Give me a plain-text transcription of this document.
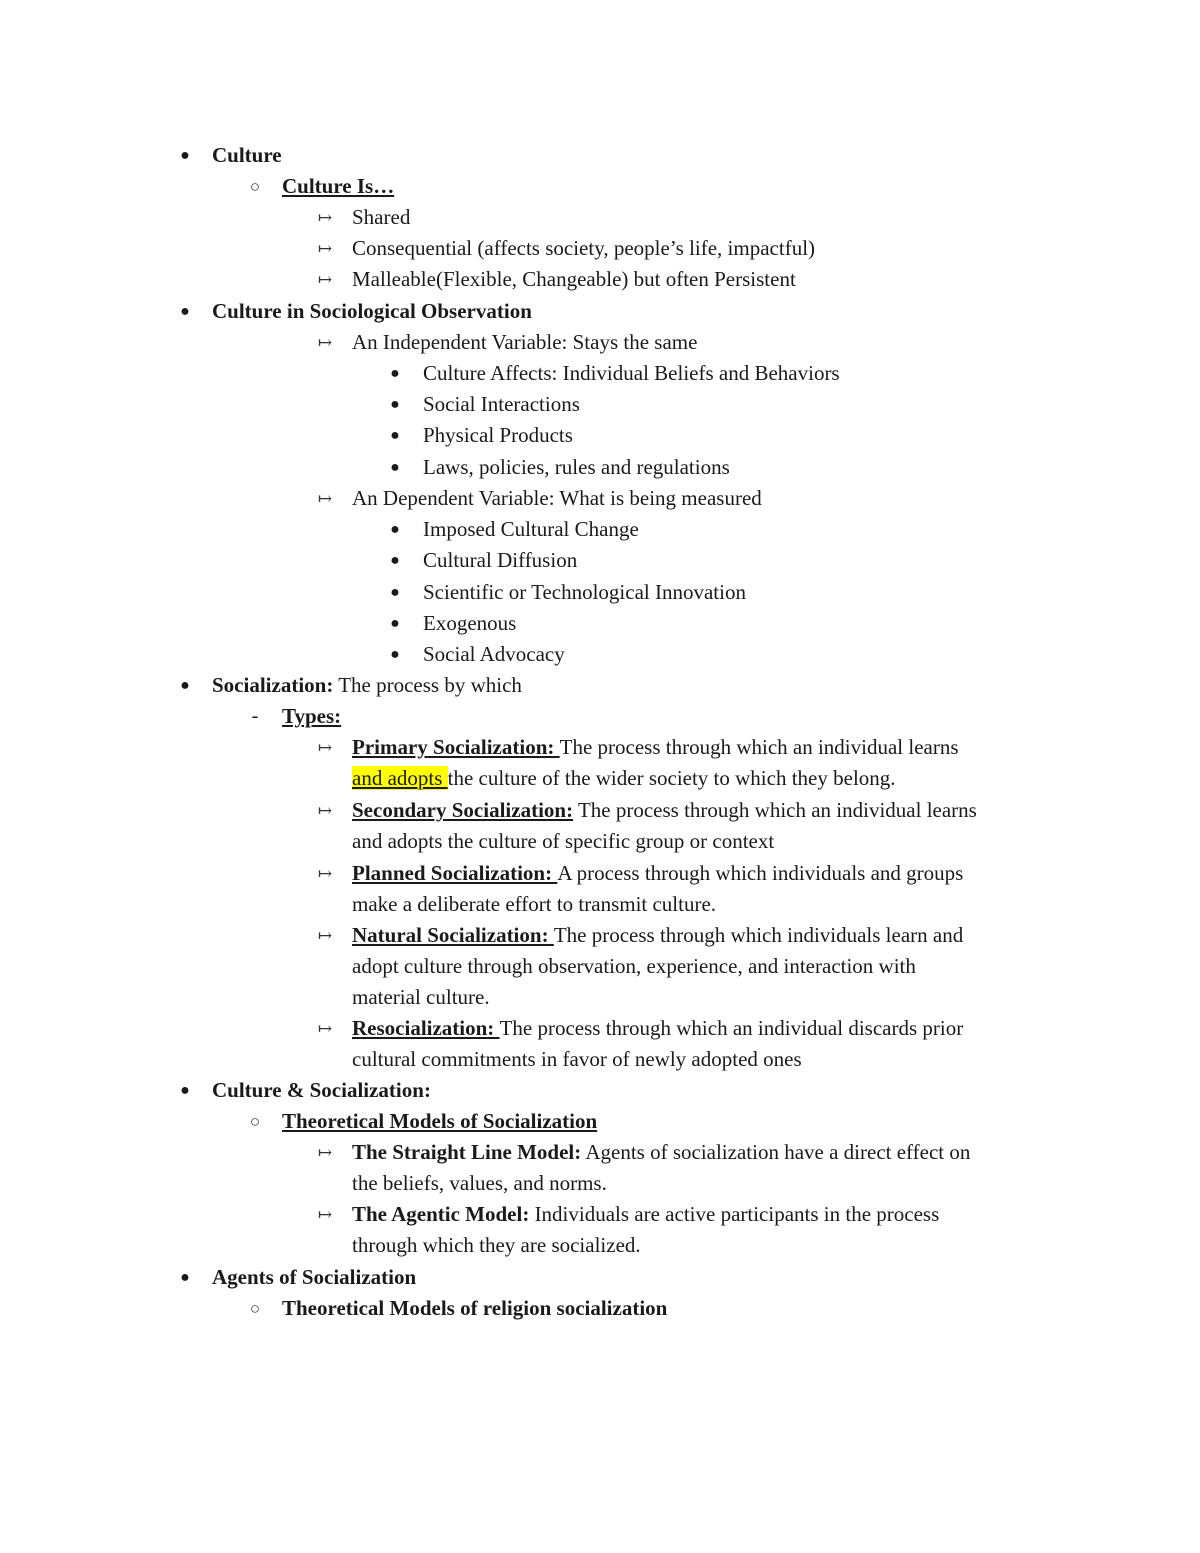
● Culture
○ Culture Is…
↦ Shared
↦ Consequential (affects society, people’s life, impactful)
↦ Malleable(Flexible, Changeable) but often Persistent
● Culture in Sociological Observation
↦ An Independent Variable: Stays the same
● Culture Affects: Individual Beliefs and Behaviors
● Social Interactions
● Physical Products
● Laws, policies, rules and regulations
↦ An Dependent Variable: What is being measured
● Imposed Cultural Change
● Cultural Diffusion
● Scientific or Technological Innovation
● Exogenous
● Social Advocacy
● Socialization: The process by which
- Types:
↦ Primary Socialization: The process through which an individual learns
and adopts the culture of the wider society to which they belong.
↦ Secondary Socialization: The process through which an individual learns
and adopts the culture of specific group or context
↦ Planned Socialization: A process through which individuals and groups
make a deliberate effort to transmit culture.
↦ Natural Socialization: The process through which individuals learn and
adopt culture through observation, experience, and interaction with
material culture.
↦ Resocialization: The process through which an individual discards prior
cultural commitments in favor of newly adopted ones
● Culture & Socialization:
○ Theoretical Models of Socialization
↦ The Straight Line Model: Agents of socialization have a direct effect on
the beliefs, values, and norms.
↦ The Agentic Model: Individuals are active participants in the process
through which they are socialized.
● Agents of Socialization
○ Theoretical Models of religion socialization
